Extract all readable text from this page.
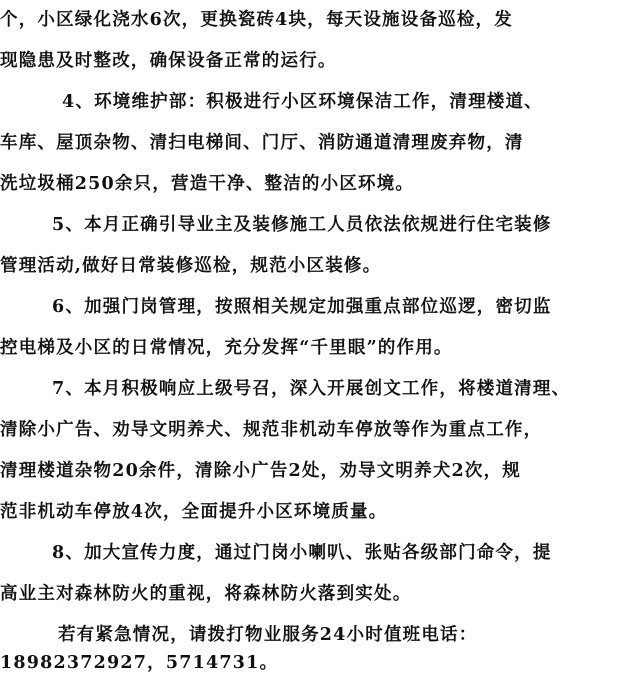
个，小区绿化浇水6次，更换瓷砖4块，每天设施设备巡检，发
现隐患及时整改，确保设备正常的运行。
4、环境维护部：积极进行小区环境保洁工作，清理楼道、
车库、屋顶杂物、清扫电梯间、门厅、消防通道清理废弃物，清
洗垃圾桶250余只，营造干净、整洁的小区环境。
5、本月正确引导业主及装修施工人员依法依规进行住宅装修
管理活动,做好日常装修巡检，规范小区装修。
6、加强门岗管理，按照相关规定加强重点部位巡逻，密切监
控电梯及小区的日常情况，充分发挥“千里眼”的作用。
7、本月积极响应上级号召，深入开展创文工作，将楼道清理、
清除小广告、劝导文明养犬、规范非机动车停放等作为重点工作，
清理楼道杂物20余件，清除小广告2处，劝导文明养犬2次，规
范非机动车停放4次，全面提升小区环境质量。
8、加大宣传力度，通过门岗小喇叭、张贴各级部门命令，提
高业主对森林防火的重视，将森林防火落到实处。
若有紧急情况，请拨打物业服务24小时值班电话：
18982372927，5714731。
